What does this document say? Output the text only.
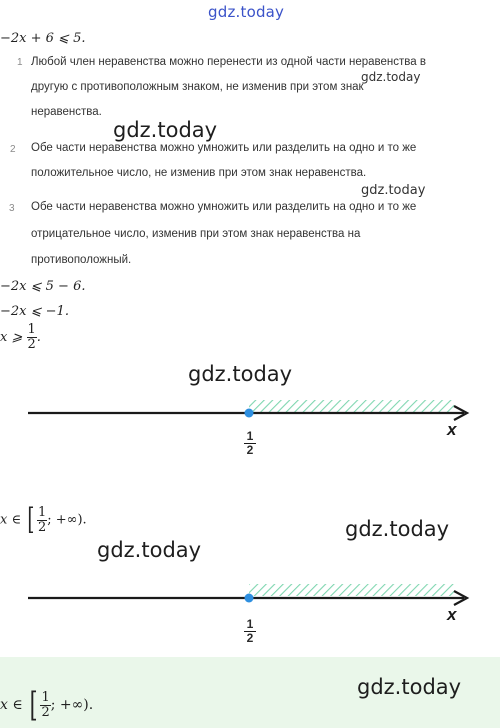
gdz.today
−2x + 6 ⩽ 5.
1 Любой член неравенства можно перенести из одной части неравенства в
gdz.today
другую с противоположным знаком, не изменив при этом знак
неравенства.
gdz.today
2 Обе части неравенства можно умножить или разделить на одно и то же
положительное число, не изменив при этом знак неравенства.
gdz.today
3 Обе части неравенства можно умножить или разделить на одно и то же
отрицательное число, изменив при этом знак неравенства на
противоположный.
−2x ⩽ 5 − 6.
−2x ⩽ −1.
x ⩾ $\frac{1}{2}$ .
gdz.today
$\frac{1}{2}$
x
x ∈ [ $\frac{1}{2}$ ; +∞).	gdz.today
gdz.today
$\frac{1}{2}$
x
gdz.today
x ∈ [ $\frac{1}{2}$ ; +∞).
